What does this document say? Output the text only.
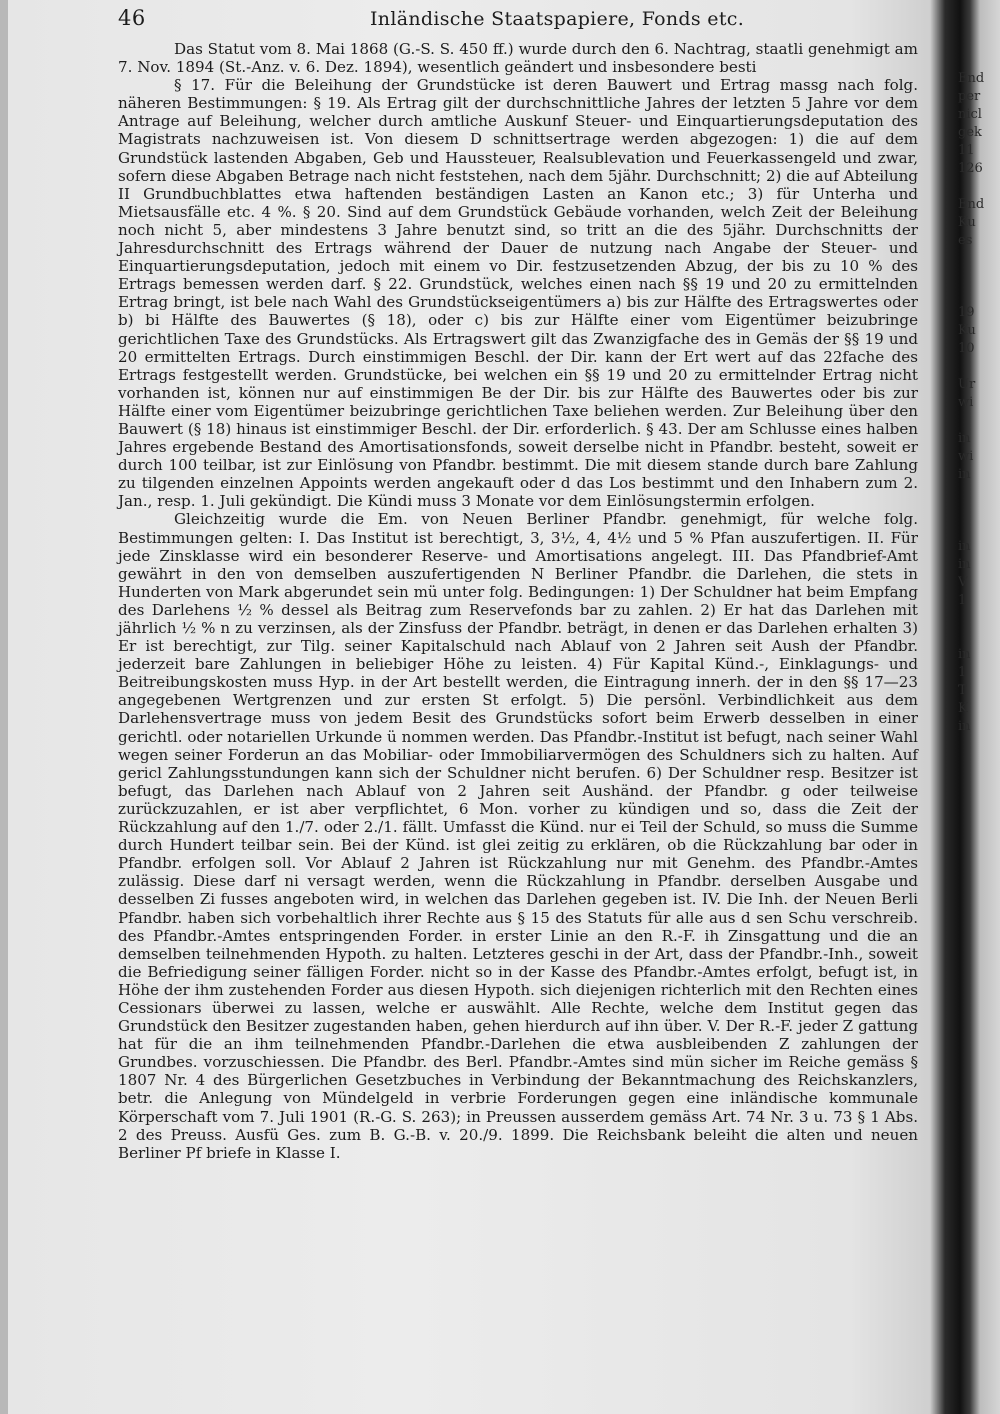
46	Inländische Staatspapiere, Fonds etc.

Das Statut vom 8. Mai 1868 (G.-S. S. 450 ff.) wurde durch den 6. Nachtrag, staatli genehmigt am 7. Nov. 1894 (St.-Anz. v. 6. Dez. 1894), wesentlich geändert und insbesondere besti

§ 17. Für die Beleihung der Grundstücke ist deren Bauwert und Ertrag massg nach folg. näheren Bestimmungen: § 19. Als Ertrag gilt der durchschnittliche Jahres der letzten 5 Jahre vor dem Antrage auf Beleihung, welcher durch amtliche Auskunf Steuer- und Einquartierungsdeputation des Magistrats nachzuweisen ist. Von diesem D schnittsertrage werden abgezogen: 1) die auf dem Grundstück lastenden Abgaben, Geb und Haussteuer, Realsublevation und Feuerkassengeld und zwar, sofern diese Abgaben Betrage nach nicht feststehen, nach dem 5jähr. Durchschnitt; 2) die auf Abteilung II Grundbuchblattes etwa haftenden beständigen Lasten an Kanon etc.; 3) für Unterha und Mietsausfälle etc. 4 %. § 20. Sind auf dem Grundstück Gebäude vorhanden, welch Zeit der Beleihung noch nicht 5, aber mindestens 3 Jahre benutzt sind, so tritt an die des 5jähr. Durchschnitts der Jahresdurchschnitt des Ertrags während der Dauer de nutzung nach Angabe der Steuer- und Einquartierungsdeputation, jedoch mit einem vo Dir. festzusetzenden Abzug, der bis zu 10 % des Ertrags bemessen werden darf. § 22. Grundstück, welches einen nach §§ 19 und 20 zu ermittelnden Ertrag bringt, ist bele nach Wahl des Grundstückseigentümers a) bis zur Hälfte des Ertragswertes oder b) bi Hälfte des Bauwertes (§ 18), oder c) bis zur Hälfte einer vom Eigentümer beizubringe gerichtlichen Taxe des Grundstücks. Als Ertragswert gilt das Zwanzigfache des in Gemäs der §§ 19 und 20 ermittelten Ertrags. Durch einstimmigen Beschl. der Dir. kann der Ert wert auf das 22fache des Ertrags festgestellt werden. Grundstücke, bei welchen ein §§ 19 und 20 zu ermittelnder Ertrag nicht vorhanden ist, können nur auf einstimmigen Be der Dir. bis zur Hälfte des Bauwertes oder bis zur Hälfte einer vom Eigentümer beizubringe gerichtlichen Taxe beliehen werden. Zur Beleihung über den Bauwert (§ 18) hinaus ist einstimmiger Beschl. der Dir. erforderlich. § 43. Der am Schlusse eines halben Jahres ergebende Bestand des Amortisationsfonds, soweit derselbe nicht in Pfandbr. besteht, soweit er durch 100 teilbar, ist zur Einlösung von Pfandbr. bestimmt. Die mit diesem stande durch bare Zahlung zu tilgenden einzelnen Appoints werden angekauft oder d das Los bestimmt und den Inhabern zum 2. Jan., resp. 1. Juli gekündigt. Die Kündi muss 3 Monate vor dem Einlösungstermin erfolgen.

Gleichzeitig wurde die Em. von Neuen Berliner Pfandbr. genehmigt, für welche folg. Bestimmungen gelten: I. Das Institut ist berechtigt, 3, 3½, 4, 4½ und 5 % Pfan auszufertigen. II. Für jede Zinsklasse wird ein besonderer Reserve- und Amortisations angelegt. III. Das Pfandbrief-Amt gewährt in den von demselben auszufertigenden N Berliner Pfandbr. die Darlehen, die stets in Hunderten von Mark abgerundet sein mü unter folg. Bedingungen: 1) Der Schuldner hat beim Empfang des Darlehens ½ % dessel als Beitrag zum Reservefonds bar zu zahlen. 2) Er hat das Darlehen mit jährlich ½ % n zu verzinsen, als der Zinsfuss der Pfandbr. beträgt, in denen er das Darlehen erhalten 3) Er ist berechtigt, zur Tilg. seiner Kapitalschuld nach Ablauf von 2 Jahren seit Aush der Pfandbr. jederzeit bare Zahlungen in beliebiger Höhe zu leisten. 4) Für Kapital Künd.-, Einklagungs- und Beitreibungskosten muss Hyp. in der Art bestellt werden, die Eintragung innerh. der in den §§ 17—23 angegebenen Wertgrenzen und zur ersten St erfolgt. 5) Die persönl. Verbindlichkeit aus dem Darlehensvertrage muss von jedem Besit des Grundstücks sofort beim Erwerb desselben in einer gerichtl. oder notariellen Urkunde ü nommen werden. Das Pfandbr.-Institut ist befugt, nach seiner Wahl wegen seiner Forderun an das Mobiliar- oder Immobiliarvermögen des Schuldners sich zu halten. Auf gericl Zahlungsstundungen kann sich der Schuldner nicht berufen. 6) Der Schuldner resp. Besitzer ist befugt, das Darlehen nach Ablauf von 2 Jahren seit Aushänd. der Pfandbr. g oder teilweise zurückzuzahlen, er ist aber verpflichtet, 6 Mon. vorher zu kündigen und so, dass die Zeit der Rückzahlung auf den 1./7. oder 2./1. fällt. Umfasst die Künd. nur ei Teil der Schuld, so muss die Summe durch Hundert teilbar sein. Bei der Künd. ist glei zeitig zu erklären, ob die Rückzahlung bar oder in Pfandbr. erfolgen soll. Vor Ablauf 2 Jahren ist Rückzahlung nur mit Genehm. des Pfandbr.-Amtes zulässig. Diese darf ni versagt werden, wenn die Rückzahlung in Pfandbr. derselben Ausgabe und desselben Zi fusses angeboten wird, in welchen das Darlehen gegeben ist. IV. Die Inh. der Neuen Berli Pfandbr. haben sich vorbehaltlich ihrer Rechte aus § 15 des Statuts für alle aus d sen Schu verschreib. des Pfandbr.-Amtes entspringenden Forder. in erster Linie an den R.-F. ih Zinsgattung und die an demselben teilnehmenden Hypoth. zu halten. Letzteres geschi in der Art, dass der Pfandbr.-Inh., soweit die Befriedigung seiner fälligen Forder. nicht so in der Kasse des Pfandbr.-Amtes erfolgt, befugt ist, in Höhe der ihm zustehenden Forder aus diesen Hypoth. sich diejenigen richterlich mit den Rechten eines Cessionars überwei zu lassen, welche er auswählt. Alle Rechte, welche dem Institut gegen das Grundstück den Besitzer zugestanden haben, gehen hierdurch auf ihn über. V. Der R.-F. jeder Z gattung hat für die an ihm teilnehmenden Pfandbr.-Darlehen die etwa ausbleibenden Z zahlungen der Grundbes. vorzuschiessen. Die Pfandbr. des Berl. Pfandbr.-Amtes sind mün sicher im Reiche gemäss § 1807 Nr. 4 des Bürgerlichen Gesetzbuches in Verbindung der Bekanntmachung des Reichskanzlers, betr. die Anlegung von Mündelgeld in verbrie Forderungen gegen eine inländische kommunale Körperschaft vom 7. Juli 1901 (R.-G. S. 263); in Preussen ausserdem gemäss Art. 74 Nr. 3 u. 73 § 1 Abs. 2 des Preuss. Ausfü Ges. zum B. G.-B. v. 20./9. 1899. Die Reichsbank beleiht die alten und neuen Berliner Pf briefe in Klasse I.

End
per
nicl
gek
11
126

End
Ku
es

19
Ku
10

Ur
wi

in
wi
in

in
in
V
1

in
1
T
K
in
